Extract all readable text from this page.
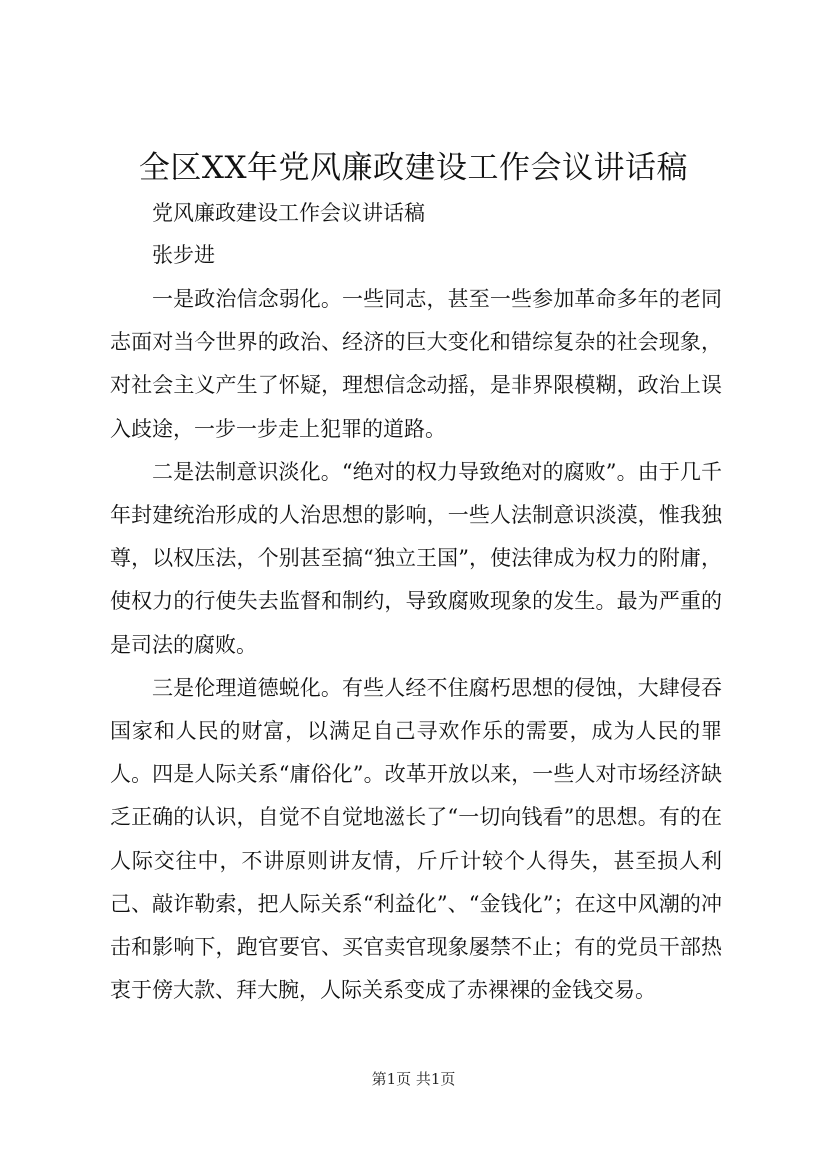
全区XX年党风廉政建设工作会议讲话稿
党风廉政建设工作会议讲话稿
张步进

一是政治信念弱化。一些同志，甚至一些参加革命多年的老同志面对当今世界的政治、经济的巨大变化和错综复杂的社会现象，对社会主义产生了怀疑，理想信念动摇，是非界限模糊，政治上误入歧途，一步一步走上犯罪的道路。

二是法制意识淡化。“绝对的权力导致绝对的腐败”。由于几千年封建统治形成的人治思想的影响，一些人法制意识淡漠，惟我独尊，以权压法，个别甚至搞“独立王国”，使法律成为权力的附庸，使权力的行使失去监督和制约，导致腐败现象的发生。最为严重的是司法的腐败。

三是伦理道德蜕化。有些人经不住腐朽思想的侵蚀，大肆侵吞国家和人民的财富，以满足自己寻欢作乐的需要，成为人民的罪人。四是人际关系“庸俗化”。改革开放以来，一些人对市场经济缺乏正确的认识，自觉不自觉地滋长了“一切向钱看”的思想。有的在人际交往中，不讲原则讲友情，斤斤计较个人得失，甚至损人利己、敲诈勒索，把人际关系“利益化”、“金钱化”；在这中风潮的冲击和影响下，跑官要官、买官卖官现象屡禁不止；有的党员干部热衷于傍大款、拜大腕，人际关系变成了赤裸裸的金钱交易。

第1页 共1页
